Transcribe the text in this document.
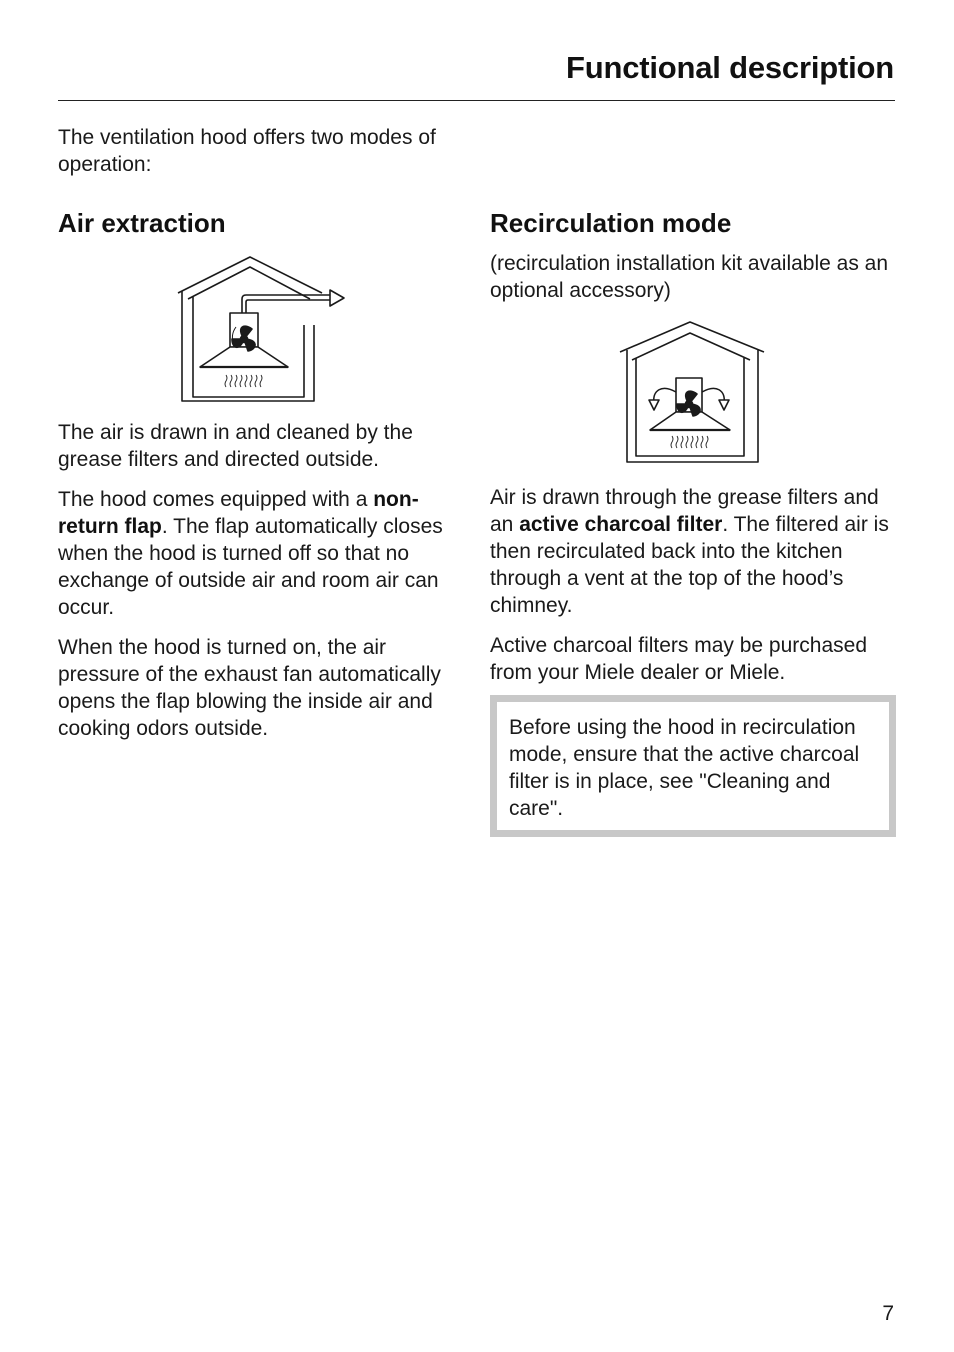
Functional description

The ventilation hood offers two modes of operation:

Air extraction

The air is drawn in and cleaned by the grease filters and directed outside.

The hood comes equipped with a non-return flap. The flap automatically closes when the hood is turned off so that no exchange of outside air and room air can occur.

When the hood is turned on, the air pressure of the exhaust fan automatically opens the flap blowing the inside air and cooking odors outside.

Recirculation mode

(recirculation installation kit available as an optional accessory)

Air is drawn through the grease filters and an active charcoal filter. The filtered air is then recirculated back into the kitchen through a vent at the top of the hood’s chimney.

Active charcoal filters may be purchased from your Miele dealer or Miele.

Before using the hood in recirculation mode, ensure that the active charcoal filter is in place, see "Cleaning and care".

7
